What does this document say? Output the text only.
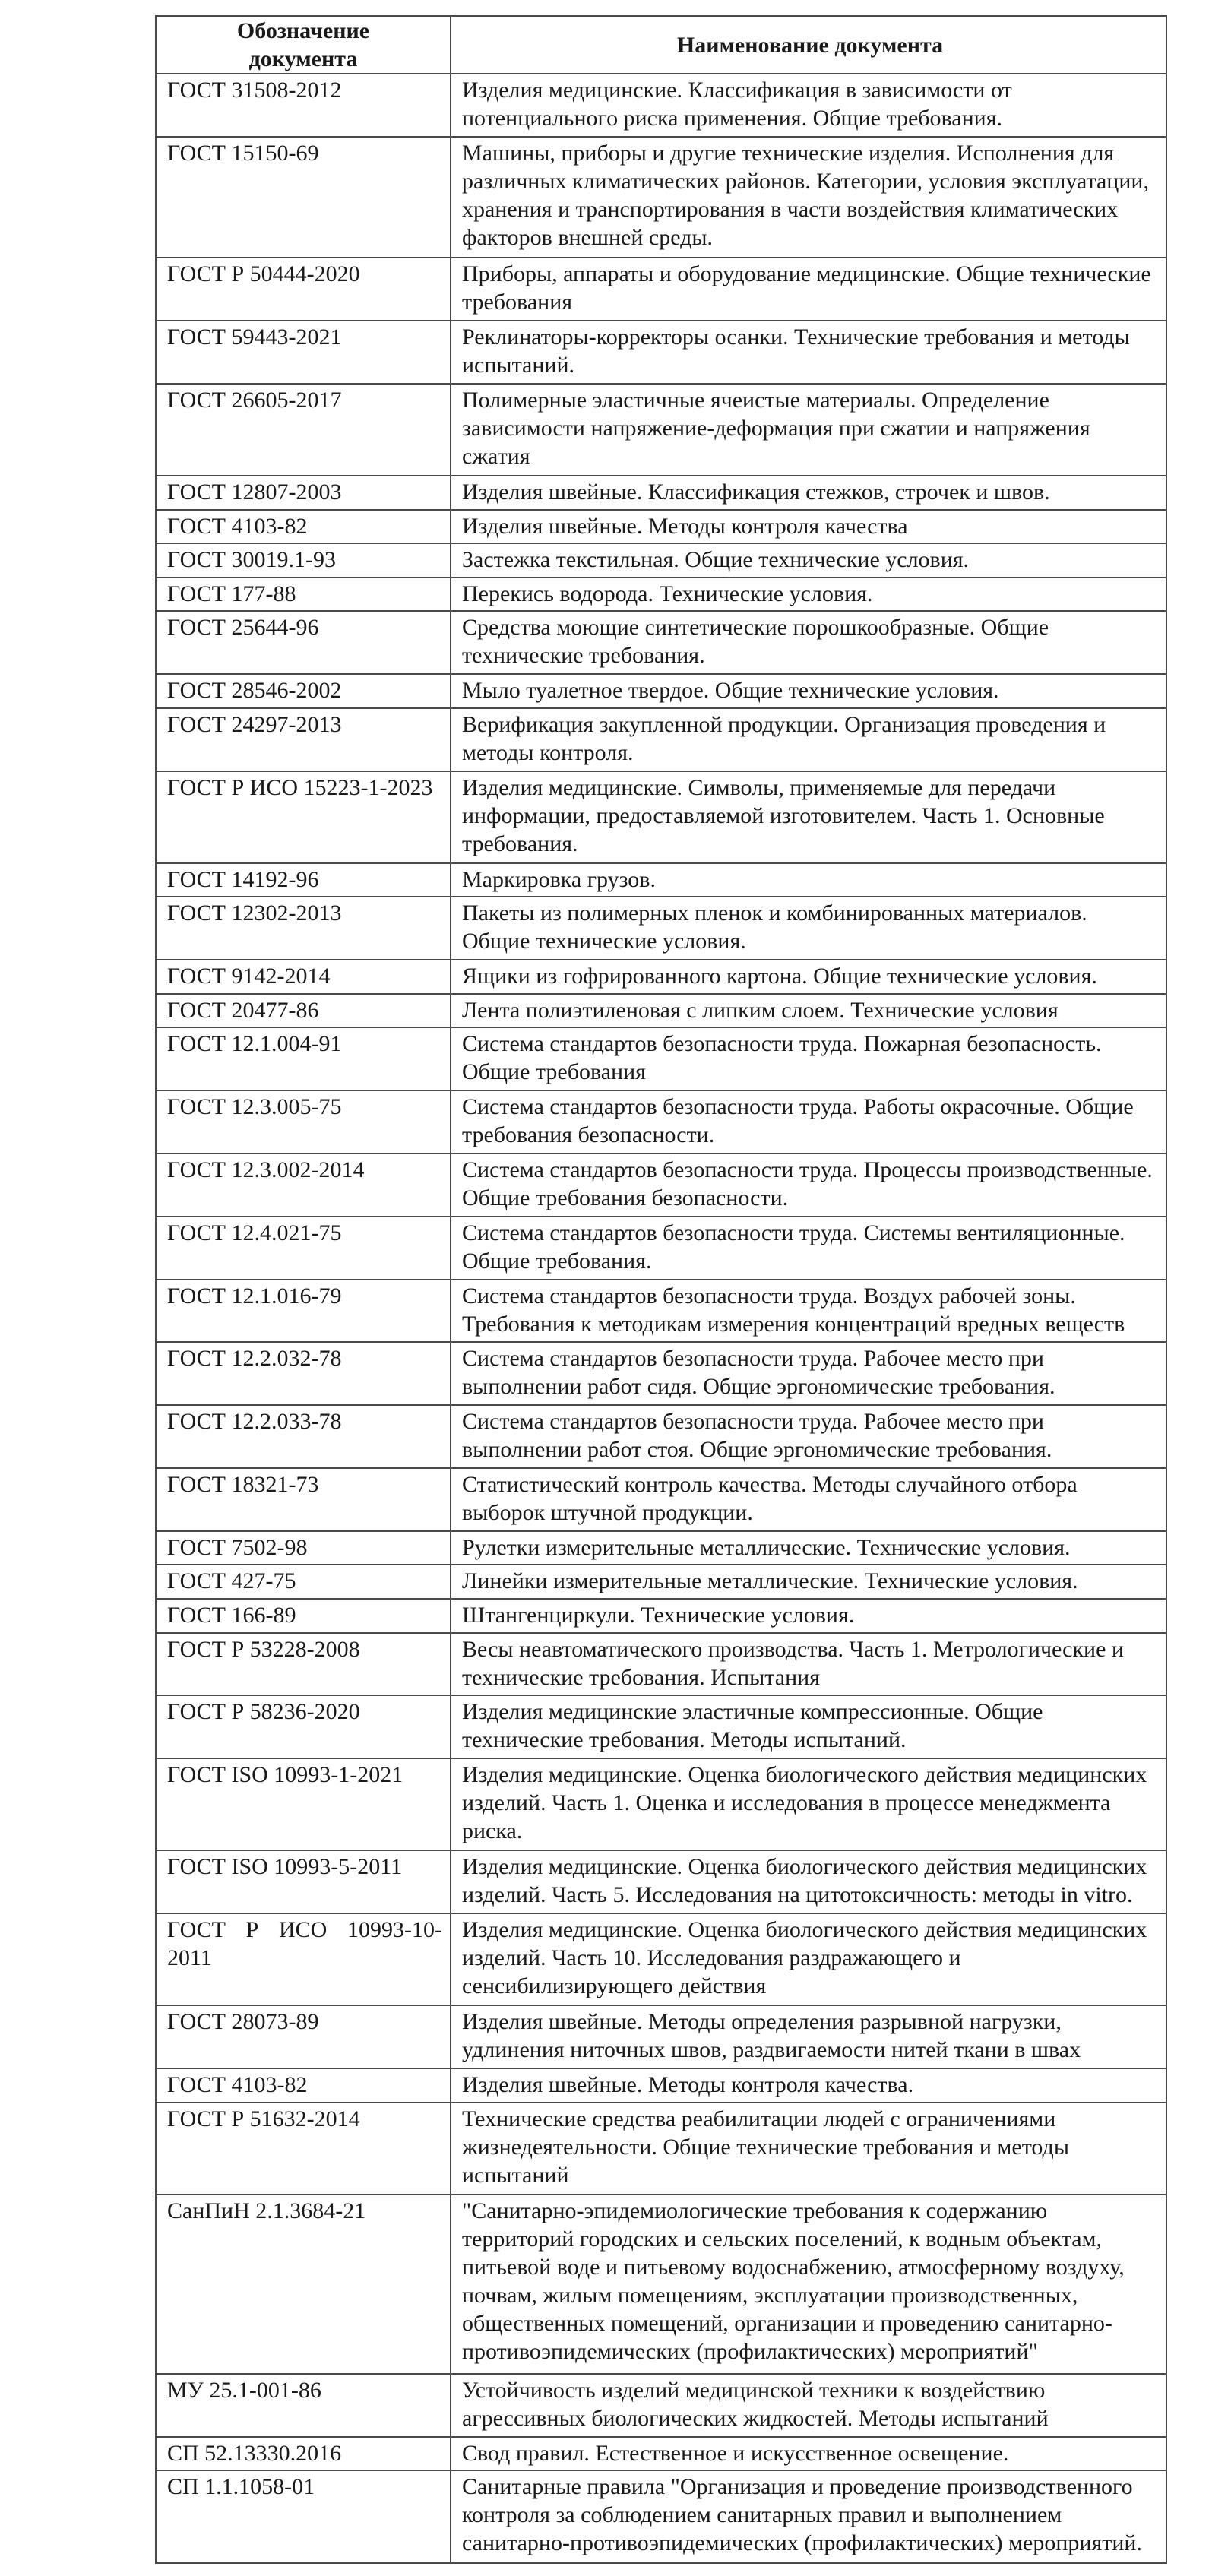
Обозначение документа	Наименование документа
ГОСТ 31508-2012	Изделия медицинские. Классификация в зависимости от потенциального риска применения. Общие требования.
ГОСТ 15150-69	Машины, приборы и другие технические изделия. Исполнения для различных климатических районов. Категории, условия эксплуатации, хранения и транспортирования в части воздействия климатических факторов внешней среды.
ГОСТ Р 50444-2020	Приборы, аппараты и оборудование медицинские. Общие технические требования
ГОСТ 59443-2021	Реклинаторы-корректоры осанки. Технические требования и методы испытаний.
ГОСТ 26605-2017	Полимерные эластичные ячеистые материалы. Определение зависимости напряжение-деформация при сжатии и напряжения сжатия
ГОСТ 12807-2003	Изделия швейные. Классификация стежков, строчек и швов.
ГОСТ 4103-82	Изделия швейные. Методы контроля качества
ГОСТ 30019.1-93	Застежка текстильная. Общие технические условия.
ГОСТ 177-88	Перекись водорода. Технические условия.
ГОСТ 25644-96	Средства моющие синтетические порошкообразные. Общие технические требования.
ГОСТ 28546-2002	Мыло туалетное твердое. Общие технические условия.
ГОСТ 24297-2013	Верификация закупленной продукции. Организация проведения и методы контроля.
ГОСТ Р ИСО 15223-1-2023	Изделия медицинские. Символы, применяемые для передачи информации, предоставляемой изготовителем. Часть 1. Основные требования.
ГОСТ 14192-96	Маркировка грузов.
ГОСТ 12302-2013	Пакеты из полимерных пленок и комбинированных материалов. Общие технические условия.
ГОСТ 9142-2014	Ящики из гофрированного картона. Общие технические условия.
ГОСТ 20477-86	Лента полиэтиленовая с липким слоем. Технические условия
ГОСТ 12.1.004-91	Система стандартов безопасности труда. Пожарная безопасность. Общие требования
ГОСТ 12.3.005-75	Система стандартов безопасности труда. Работы окрасочные. Общие требования безопасности.
ГОСТ 12.3.002-2014	Система стандартов безопасности труда. Процессы производственные. Общие требования безопасности.
ГОСТ 12.4.021-75	Система стандартов безопасности труда. Системы вентиляционные. Общие требования.
ГОСТ 12.1.016-79	Система стандартов безопасности труда. Воздух рабочей зоны. Требования к методикам измерения концентраций вредных веществ
ГОСТ 12.2.032-78	Система стандартов безопасности труда. Рабочее место при выполнении работ сидя. Общие эргономические требования.
ГОСТ 12.2.033-78	Система стандартов безопасности труда. Рабочее место при выполнении работ стоя. Общие эргономические требования.
ГОСТ 18321-73	Статистический контроль качества. Методы случайного отбора выборок штучной продукции.
ГОСТ 7502-98	Рулетки измерительные металлические. Технические условия.
ГОСТ 427-75	Линейки измерительные металлические. Технические условия.
ГОСТ 166-89	Штангенциркули. Технические условия.
ГОСТ Р 53228-2008	Весы неавтоматического производства. Часть 1. Метрологические и технические требования. Испытания
ГОСТ Р 58236-2020	Изделия медицинские эластичные компрессионные. Общие технические требования. Методы испытаний.
ГОСТ ISO 10993-1-2021	Изделия медицинские. Оценка биологического действия медицинских изделий. Часть 1. Оценка и исследования в процессе менеджмента риска.
ГОСТ ISO 10993-5-2011	Изделия медицинские. Оценка биологического действия медицинских изделий. Часть 5. Исследования на цитотоксичность: методы in vitro.
ГОСТ Р ИСО 10993-10-2011	Изделия медицинские. Оценка биологического действия медицинских изделий. Часть 10. Исследования раздражающего и сенсибилизирующего действия
ГОСТ 28073-89	Изделия швейные. Методы определения разрывной нагрузки, удлинения ниточных швов, раздвигаемости нитей ткани в швах
ГОСТ 4103-82	Изделия швейные. Методы контроля качества.
ГОСТ Р 51632-2014	Технические средства реабилитации людей с ограничениями жизнедеятельности. Общие технические требования и методы испытаний
СанПиН 2.1.3684-21	"Санитарно-эпидемиологические требования к содержанию территорий городских и сельских поселений, к водным объектам, питьевой воде и питьевому водоснабжению, атмосферному воздуху, почвам, жилым помещениям, эксплуатации производственных, общественных помещений, организации и проведению санитарно-противоэпидемических (профилактических) мероприятий"
МУ 25.1-001-86	Устойчивость изделий медицинской техники к воздействию агрессивных биологических жидкостей. Методы испытаний
СП 52.13330.2016	Свод правил. Естественное и искусственное освещение.
СП 1.1.1058-01	Санитарные правила "Организация и проведение производственного контроля за соблюдением санитарных правил и выполнением санитарно-противоэпидемических (профилактических) мероприятий.
